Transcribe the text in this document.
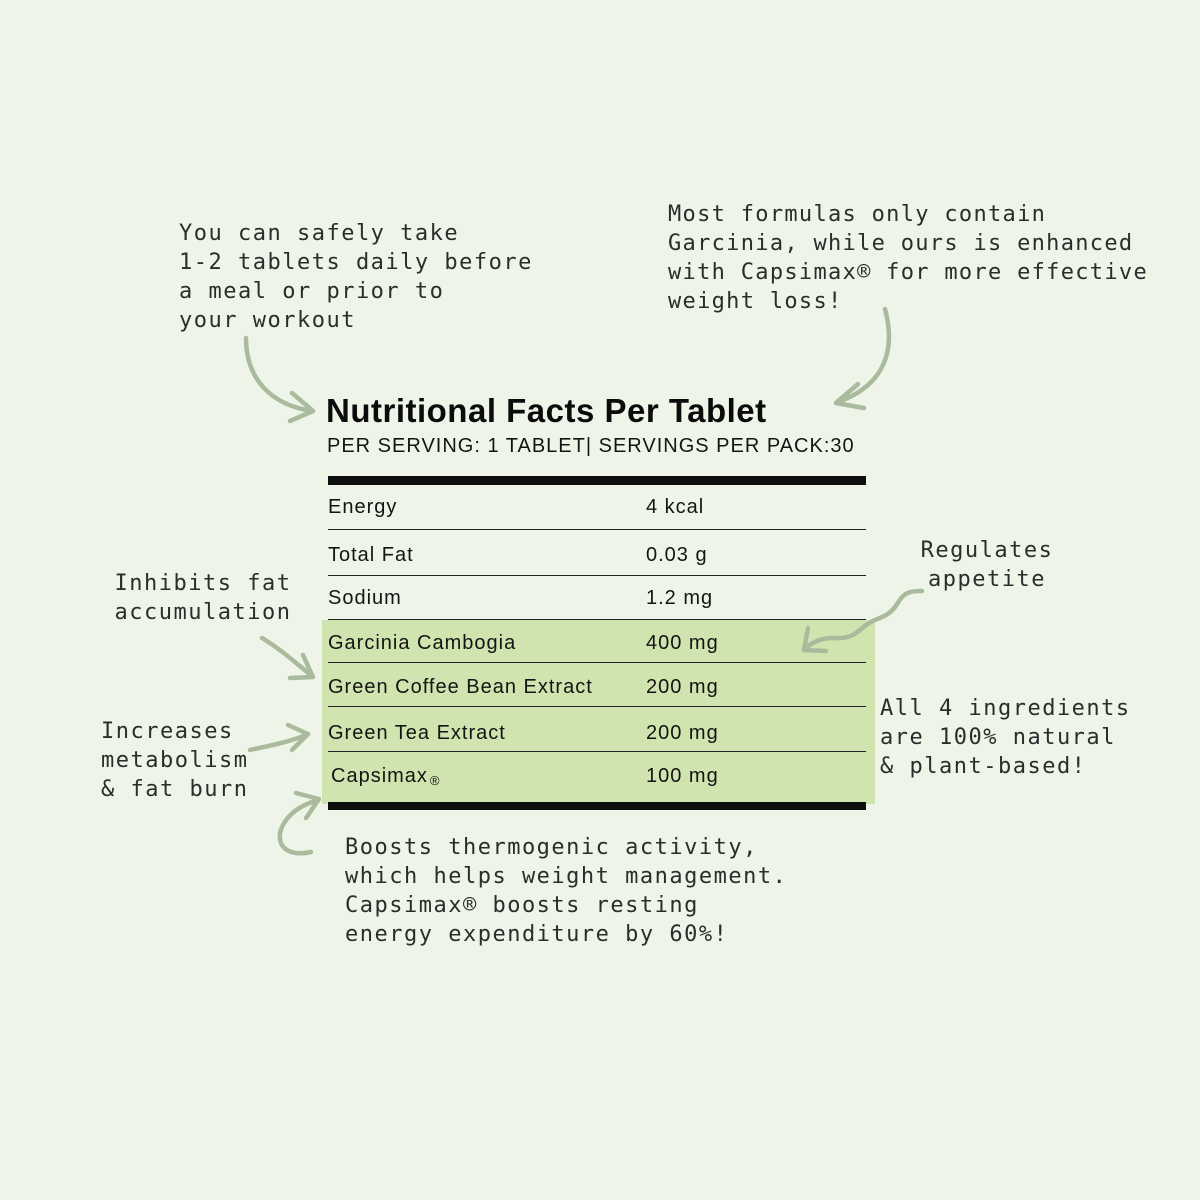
You can safely take
1-2 tablets daily before
a meal or prior to
your workout
Most formulas only contain
Garcinia, while ours is enhanced
with Capsimax® for more effective
weight loss!
Regulates
appetite
Inhibits fat
accumulation
Increases
metabolism
& fat burn
All 4 ingredients
are 100% natural
& plant-based!
Boosts thermogenic activity,
which helps weight management.
Capsimax® boosts resting
energy expenditure by 60%!
Nutritional Facts Per Tablet
PER SERVING: 1 TABLET| SERVINGS PER PACK:30
Energy	4 kcal
Total Fat	0.03 g
Sodium	1.2 mg
Garcinia Cambogia	400 mg
Green Coffee Bean Extract	200 mg
Green Tea Extract	200 mg
Capsimax ®	100 mg
